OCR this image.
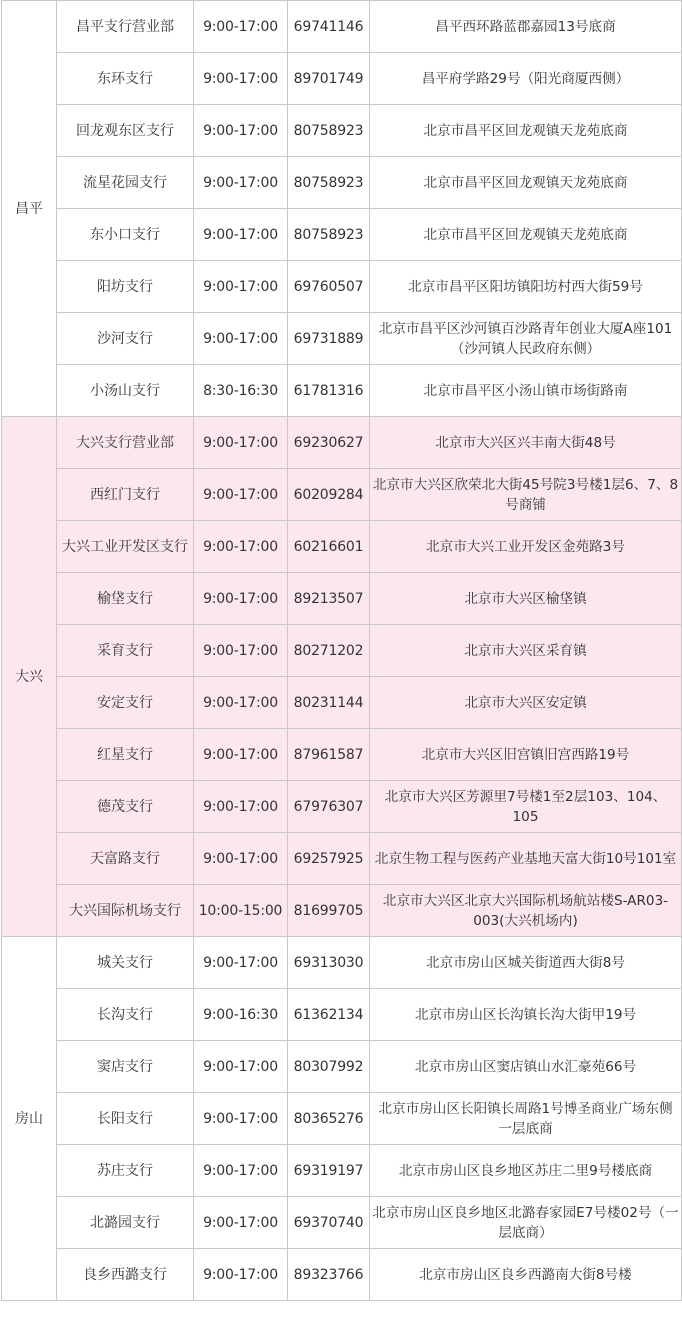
昌平	昌平支行营业部	9:00-17:00	69741146	昌平西环路蓝郡嘉园13号底商
	东环支行	9:00-17:00	89701749	昌平府学路29号（阳光商厦西侧）
	回龙观东区支行	9:00-17:00	80758923	北京市昌平区回龙观镇天龙苑底商
	流星花园支行	9:00-17:00	80758923	北京市昌平区回龙观镇天龙苑底商
	东小口支行	9:00-17:00	80758923	北京市昌平区回龙观镇天龙苑底商
	阳坊支行	9:00-17:00	69760507	北京市昌平区阳坊镇阳坊村西大街59号
	沙河支行	9:00-17:00	69731889	北京市昌平区沙河镇百沙路青年创业大厦A座101（沙河镇人民政府东侧）
	小汤山支行	8:30-16:30	61781316	北京市昌平区小汤山镇市场街路南
大兴	大兴支行营业部	9:00-17:00	69230627	北京市大兴区兴丰南大街48号
	西红门支行	9:00-17:00	60209284	北京市大兴区欣荣北大街45号院3号楼1层6、7、8号商铺
	大兴工业开发区支行	9:00-17:00	60216601	北京市大兴工业开发区金苑路3号
	榆垡支行	9:00-17:00	89213507	北京市大兴区榆垡镇
	采育支行	9:00-17:00	80271202	北京市大兴区采育镇
	安定支行	9:00-17:00	80231144	北京市大兴区安定镇
	红星支行	9:00-17:00	87961587	北京市大兴区旧宫镇旧宫西路19号
	德茂支行	9:00-17:00	67976307	北京市大兴区芳源里7号楼1至2层103、104、105
	天富路支行	9:00-17:00	69257925	北京生物工程与医药产业基地天富大街10号101室
	大兴国际机场支行	10:00-15:00	81699705	北京市大兴区北京大兴国际机场航站楼S-AR03-003(大兴机场内)
房山	城关支行	9:00-17:00	69313030	北京市房山区城关街道西大街8号
	长沟支行	9:00-16:30	61362134	北京市房山区长沟镇长沟大街甲19号
	窦店支行	9:00-17:00	80307992	北京市房山区窦店镇山水汇豪苑66号
	长阳支行	9:00-17:00	80365276	北京市房山区长阳镇长周路1号博圣商业广场东侧一层底商
	苏庄支行	9:00-17:00	69319197	北京市房山区良乡地区苏庄二里9号楼底商
	北潞园支行	9:00-17:00	69370740	北京市房山区良乡地区北潞春家园E7号楼02号（一层底商）
	良乡西潞支行	9:00-17:00	89323766	北京市房山区良乡西潞南大街8号楼
